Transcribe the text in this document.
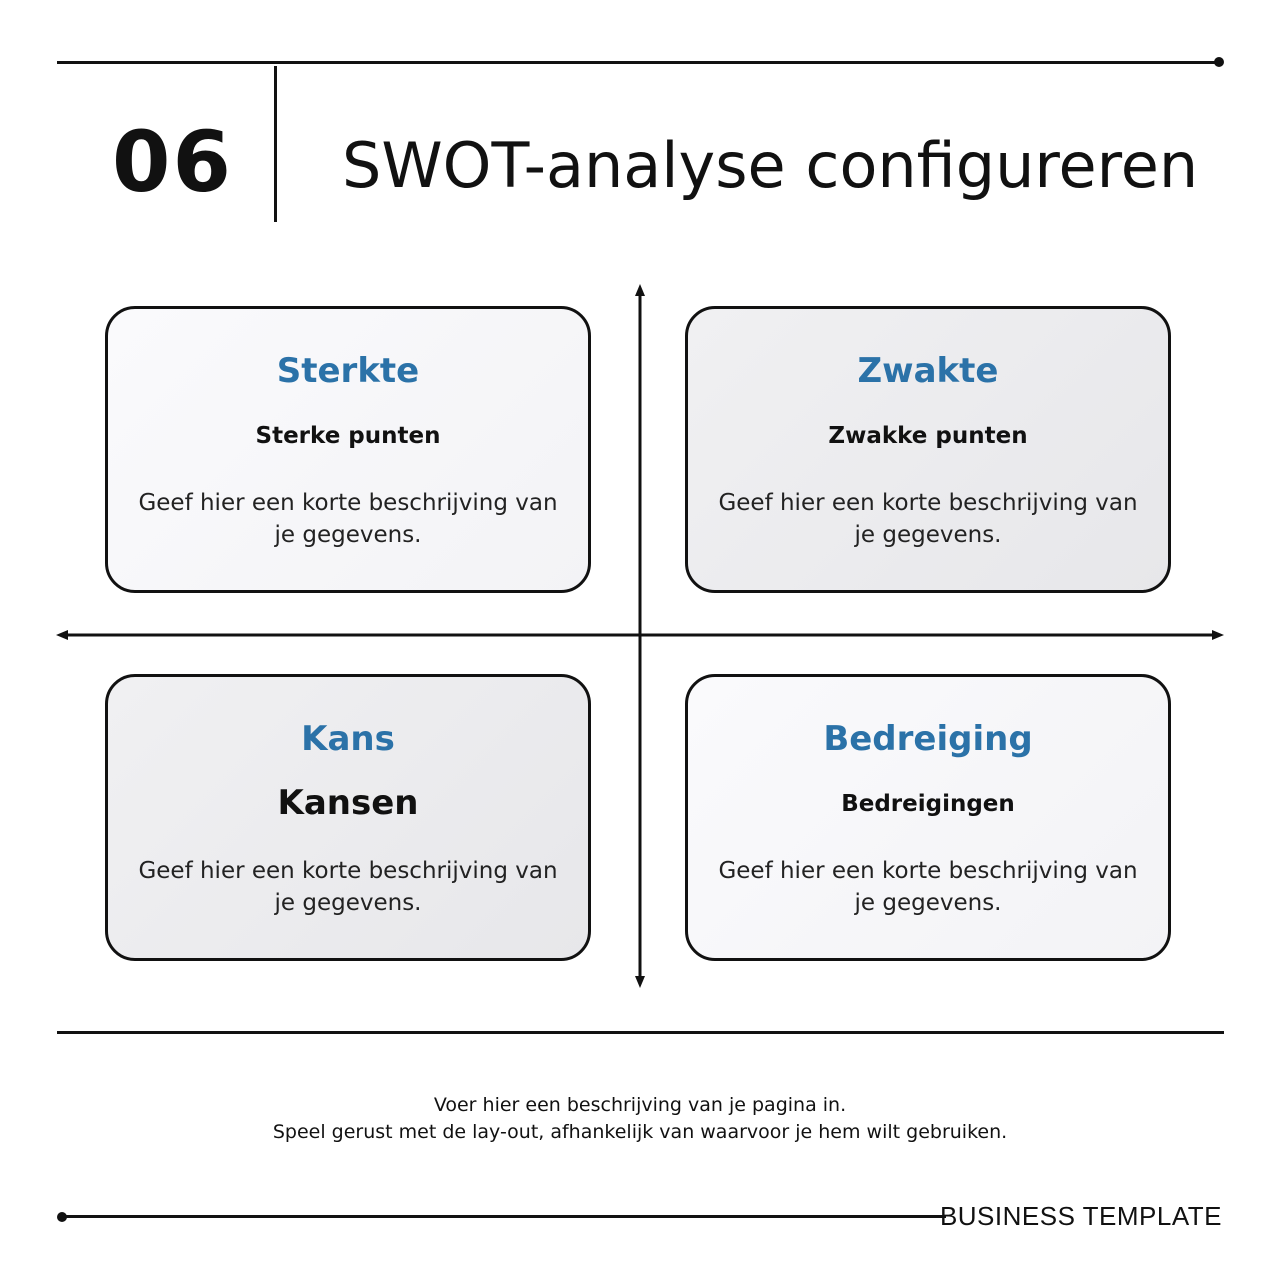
06 SWOT-analyse configureren
Sterkte
Sterke punten
Geef hier een korte beschrijving van je gegevens.
Zwakte
Zwakke punten
Geef hier een korte beschrijving van je gegevens.
Kans
Kansen
Geef hier een korte beschrijving van je gegevens.
Bedreiging
Bedreigingen
Geef hier een korte beschrijving van je gegevens.
Voer hier een beschrijving van je pagina in.
Speel gerust met de lay-out, afhankelijk van waarvoor je hem wilt gebruiken.
BUSINESS TEMPLATE
